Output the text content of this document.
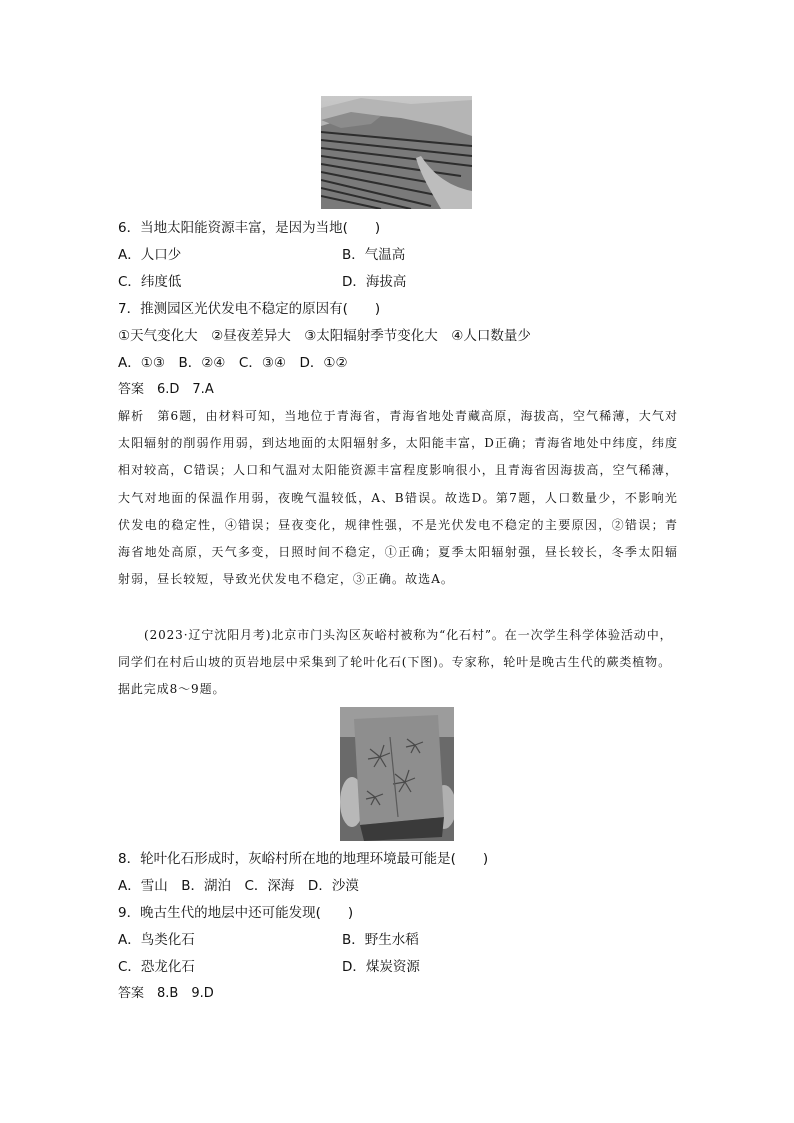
6．当地太阳能资源丰富，是因为当地(　　)
A．人口少	B．气温高
C．纬度低	D．海拔高
7．推测园区光伏发电不稳定的原因有(　　)
①天气变化大　②昼夜差异大　③太阳辐射季节变化大　④人口数量少
A．①③　B．②④　C．③④　D．①②
答案　6.D　7.A
解析　第6题，由材料可知，当地位于青海省，青海省地处青藏高原，海拔高，空气稀薄，大气对太阳辐射的削弱作用弱，到达地面的太阳辐射多，太阳能丰富，D正确；青海省地处中纬度，纬度相对较高，C错误；人口和气温对太阳能资源丰富程度影响很小，且青海省因海拔高，空气稀薄，大气对地面的保温作用弱，夜晚气温较低，A、B错误。故选D。第7题，人口数量少，不影响光伏发电的稳定性，④错误；昼夜变化，规律性强，不是光伏发电不稳定的主要原因，②错误；青海省地处高原，天气多变，日照时间不稳定，①正确；夏季太阳辐射强，昼长较长，冬季太阳辐射弱，昼长较短，导致光伏发电不稳定，③正确。故选A。
(2023·辽宁沈阳月考)北京市门头沟区灰峪村被称为“化石村”。在一次学生科学体验活动中，同学们在村后山坡的页岩地层中采集到了轮叶化石(下图)。专家称，轮叶是晚古生代的蕨类植物。据此完成8～9题。
8．轮叶化石形成时，灰峪村所在地的地理环境最可能是(　　)
A．雪山　B．湖泊　C．深海　D．沙漠
9．晚古生代的地层中还可能发现(　　)
A．鸟类化石	B．野生水稻
C．恐龙化石	D．煤炭资源
答案　8.B　9.D
